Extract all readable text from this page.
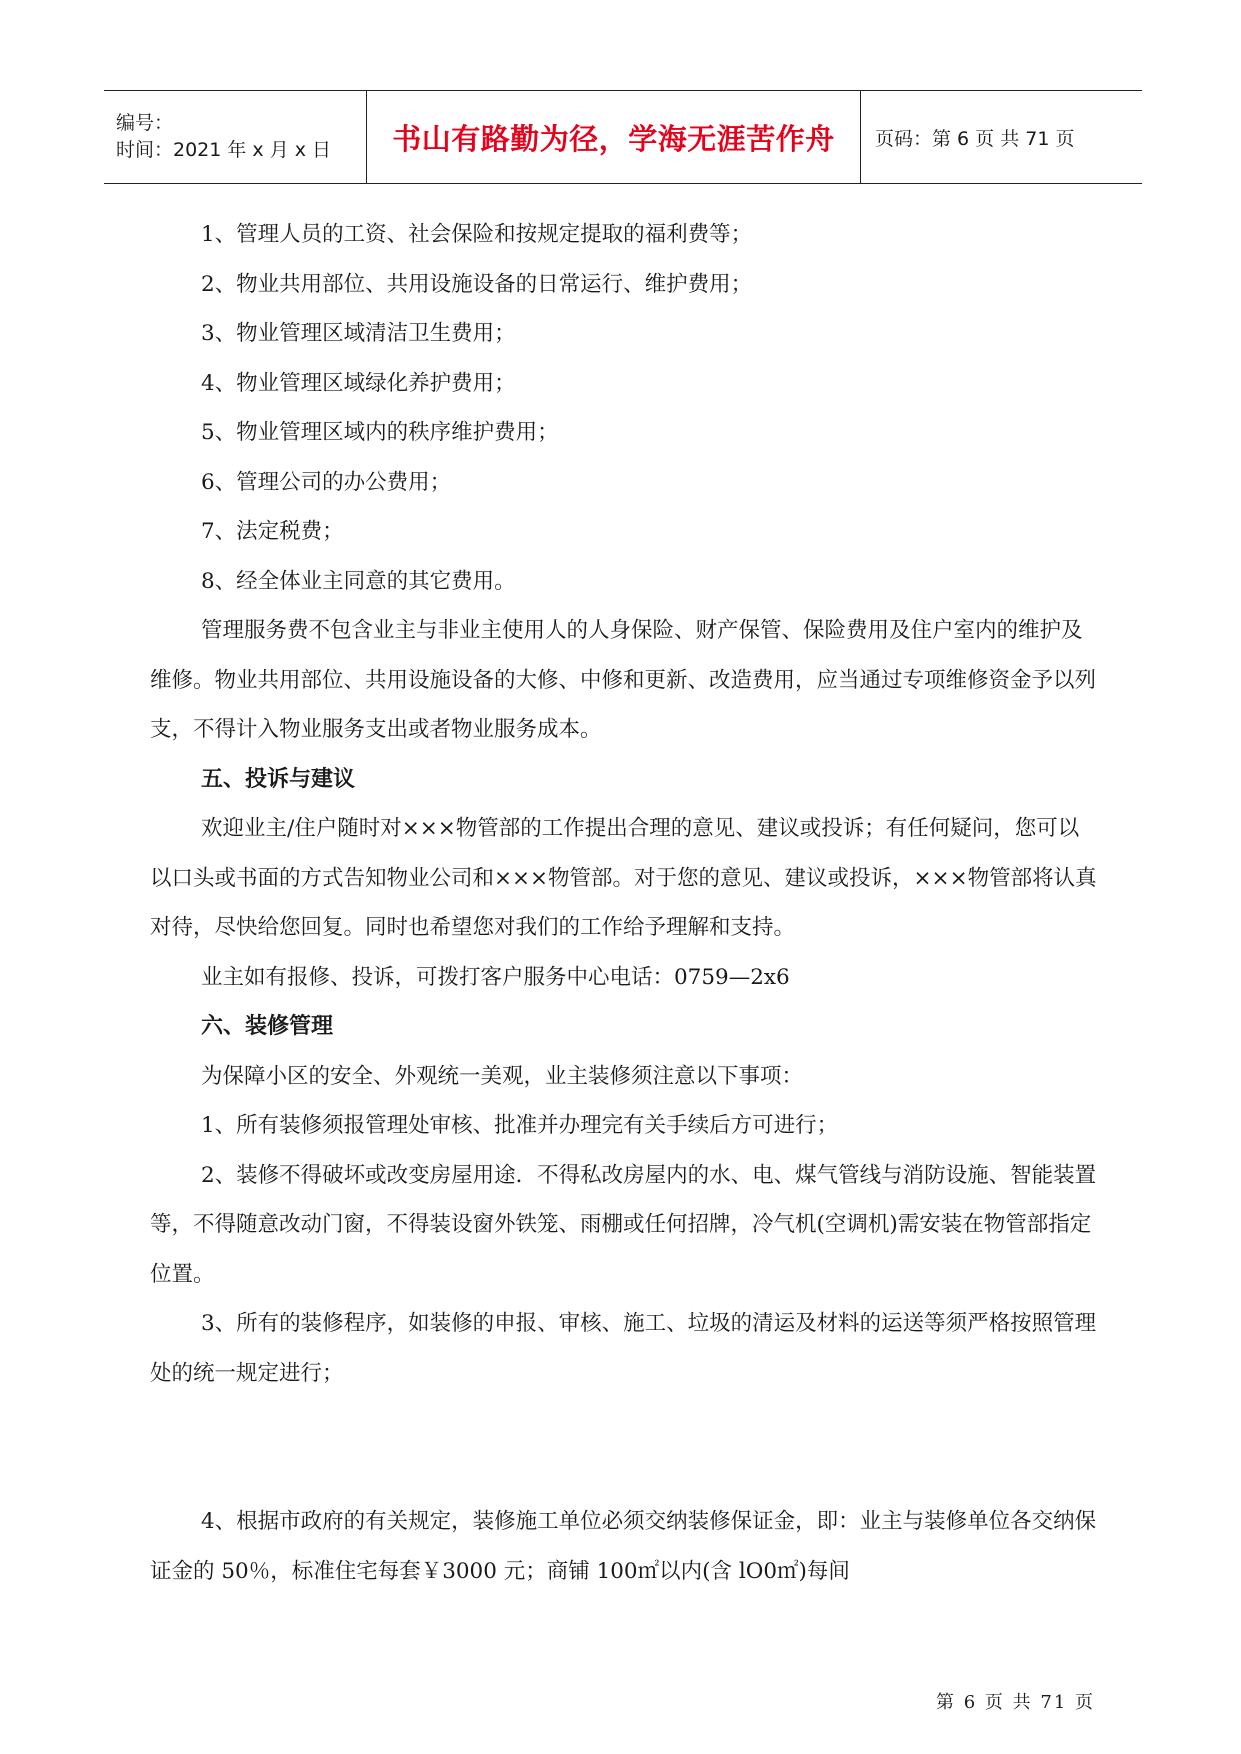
编号：
时间：2021 年 x 月 x 日	书山有路勤为径，学海无涯苦作舟	页码：第 6 页 共 71 页

1、管理人员的工资、社会保险和按规定提取的福利费等；

2、物业共用部位、共用设施设备的日常运行、维护费用；

3、物业管理区域清洁卫生费用；

4、物业管理区域绿化养护费用；

5、物业管理区域内的秩序维护费用；

6、管理公司的办公费用；

7、法定税费；

8、经全体业主同意的其它费用。

管理服务费不包含业主与非业主使用人的人身保险、财产保管、保险费用及住户室内的维护及维修。物业共用部位、共用设施设备的大修、中修和更新、改造费用，应当通过专项维修资金予以列支，不得计入物业服务支出或者物业服务成本。

五、投诉与建议

欢迎业主/住户随时对×××物管部的工作提出合理的意见、建议或投诉；有任何疑问，您可以以口头或书面的方式告知物业公司和×××物管部。对于您的意见、建议或投诉，×××物管部将认真对待，尽快给您回复。同时也希望您对我们的工作给予理解和支持。

业主如有报修、投诉，可拨打客户服务中心电话：0759—2x6

六、装修管理

为保障小区的安全、外观统一美观，业主装修须注意以下事项：

1、所有装修须报管理处审核、批准并办理完有关手续后方可进行；

2、装修不得破坏或改变房屋用途．不得私改房屋内的水、电、煤气管线与消防设施、智能装置等，不得随意改动门窗，不得装设窗外铁笼、雨棚或任何招牌，冷气机(空调机)需安装在物管部指定位置。

3、所有的装修程序，如装修的申报、审核、施工、垃圾的清运及材料的运送等须严格按照管理处的统一规定进行；

4、根据市政府的有关规定，装修施工单位必须交纳装修保证金，即：业主与装修单位各交纳保证金的 50％，标准住宅每套￥3000 元；商铺 100㎡以内(含 lO0㎡)每间

第 6 页 共 71 页
